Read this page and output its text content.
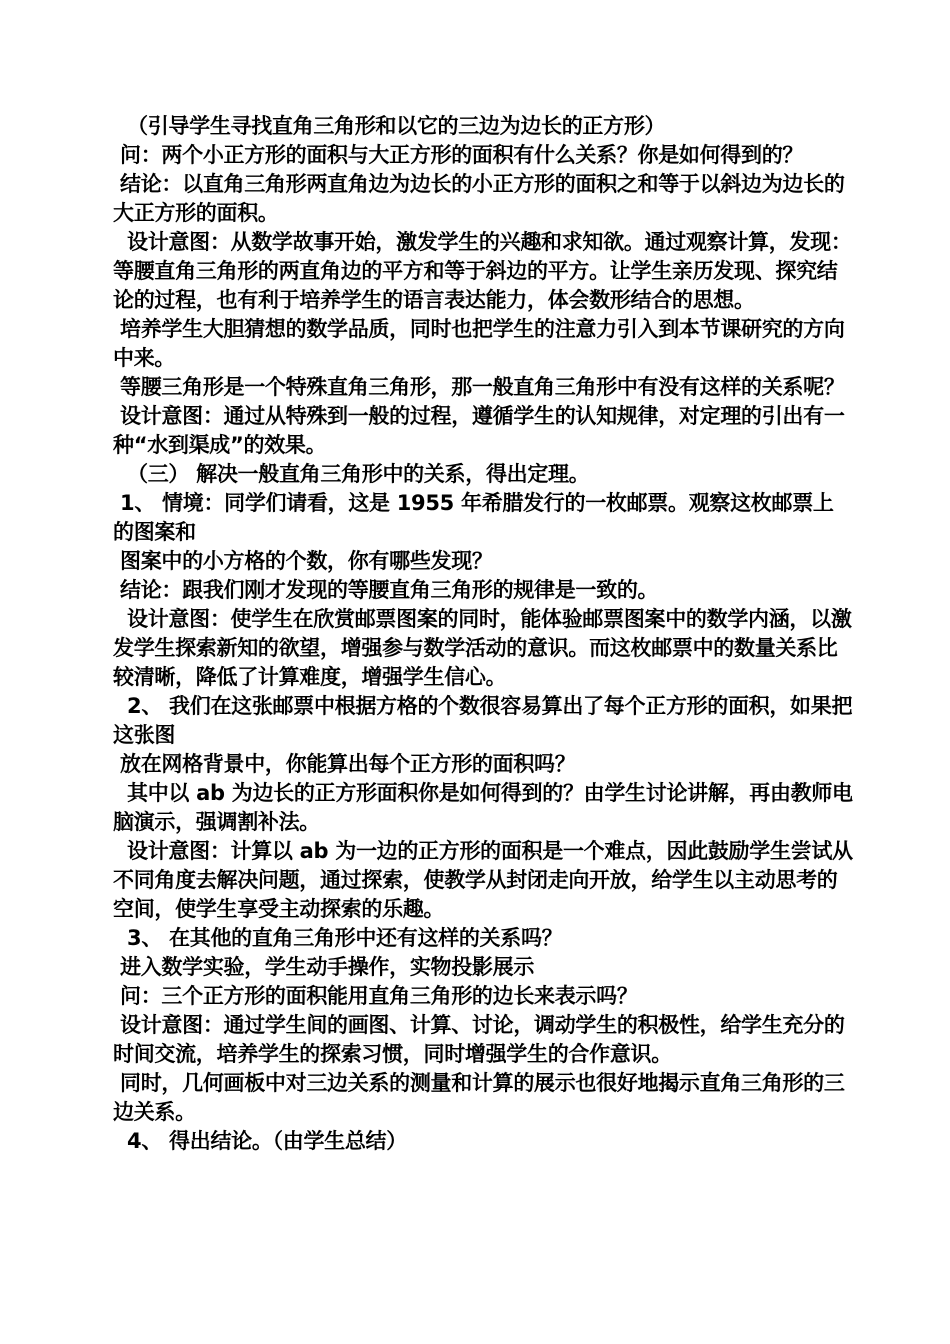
（引导学生寻找直角三角形和以它的三边为边长的正方形）

问：两个小正方形的面积与大正方形的面积有什么关系？你是如何得到的？

结论：以直角三角形两直角边为边长的小正方形的面积之和等于以斜边为边长的大正方形的面积。

设计意图：从数学故事开始，激发学生的兴趣和求知欲。通过观察计算，发现：等腰直角三角形的两直角边的平方和等于斜边的平方。让学生亲历发现、探究结论的过程，也有利于培养学生的语言表达能力，体会数形结合的思想。

培养学生大胆猜想的数学品质，同时也把学生的注意力引入到本节课研究的方向中来。

等腰三角形是一个特殊直角三角形，那一般直角三角形中有没有这样的关系呢？

设计意图：通过从特殊到一般的过程，遵循学生的认知规律，对定理的引出有一种“水到渠成”的效果。

（三） 解决一般直角三角形中的关系，得出定理。

1、 情境：同学们请看，这是 1955 年希腊发行的一枚邮票。观察这枚邮票上的图案和

图案中的小方格的个数，你有哪些发现？

结论：跟我们刚才发现的等腰直角三角形的规律是一致的。

设计意图：使学生在欣赏邮票图案的同时，能体验邮票图案中的数学内涵，以激发学生探索新知的欲望，增强参与数学活动的意识。而这枚邮票中的数量关系比较清晰，降低了计算难度，增强学生信心。

2、 我们在这张邮票中根据方格的个数很容易算出了每个正方形的面积，如果把这张图

放在网格背景中，你能算出每个正方形的面积吗？

其中以 ab 为边长的正方形面积你是如何得到的？由学生讨论讲解，再由教师电脑演示，强调割补法。

设计意图：计算以 ab 为一边的正方形的面积是一个难点，因此鼓励学生尝试从不同角度去解决问题，通过探索，使教学从封闭走向开放，给学生以主动思考的空间，使学生享受主动探索的乐趣。

3、 在其他的直角三角形中还有这样的关系吗？

进入数学实验，学生动手操作，实物投影展示

问：三个正方形的面积能用直角三角形的边长来表示吗？

设计意图：通过学生间的画图、计算、讨论，调动学生的积极性，给学生充分的时间交流，培养学生的探索习惯，同时增强学生的合作意识。

同时，几何画板中对三边关系的测量和计算的展示也很好地揭示直角三角形的三边关系。

4、 得出结论。（由学生总结）
